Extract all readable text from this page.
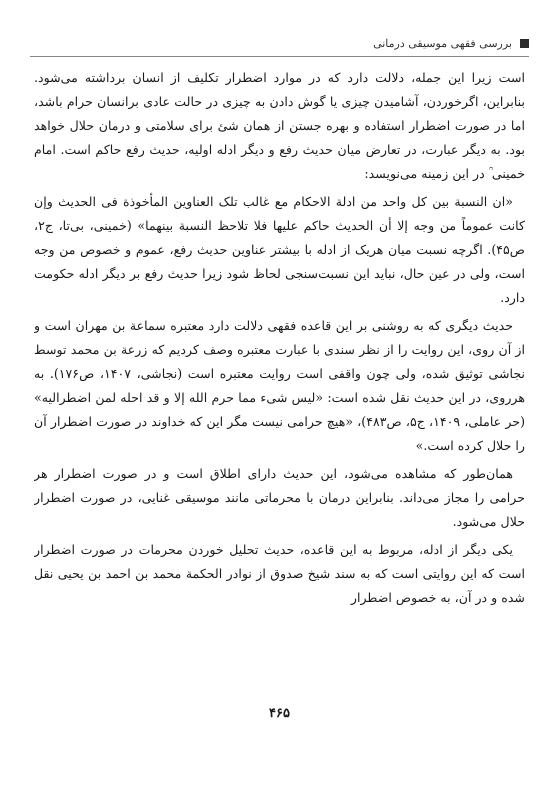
بررسی فقهی موسیقی درمانی

است زیرا این جمله، دلالت دارد که در موارد اضطرار تکلیف از انسان برداشته می‌شود. بنابراین، اگرخوردن، آشامیدن چیزی یا گوش دادن به چیزی در حالت عادی برانسان حرام باشد، اما در صورت اضطرار استفاده و بهره جستن از همان شئ برای سلامتی و درمان حلال خواهد بود. به دیگر عبارت، در تعارض میان حدیث رفع و دیگر ادله اولیه، حدیث رفع حاکم است. امام خمینی ؒ در این زمینه می‌نویسد:

«ان النسبة بین کل واحد من ادلة الاحکام مع غالب تلک العناوین المأخوذة فی الحدیث وإن کانت عموماً من وجه إلا أن الحدیث حاکم علیها فلا تلاحظ النسبة بینهما» (خمینی، بی‌تا، ج۲، ص۴۵). اگرچه نسبت میان هریک از ادله با بیشتر عناوین حدیث رفع، عموم و خصوص من وجه است، ولی در عین حال، نباید این نسبت‌سنجی لحاظ شود زیرا حدیث رفع بر دیگر ادله حکومت دارد.

حدیث دیگری که به روشنی بر این قاعده فقهی دلالت دارد معتبره سماعة بن مهران است و از آن روی، این روایت را از نظر سندی با عبارت معتبره وصف کردیم که زرعة بن محمد توسط نجاشی توثیق شده، ولی چون واقفی است روایت معتبره است (نجاشی، ۱۴۰۷، ص۱۷۶). به هرروی، در این حدیث نقل شده است: «لیس شیء مما حرم الله إلا و قد احله لمن اضطرالیه» (حر عاملی، ۱۴۰۹، ج۵، ص۴۸۳)، «هیچ حرامی نیست مگر این که خداوند در صورت اضطرار آن را حلال کرده است.»

همان‌طور که مشاهده می‌شود، این حدیث دارای اطلاق است و در صورت اضطرار هر حرامی را مجاز می‌داند. بنابراین درمان با محرماتی مانند موسیقی غنایی، در صورت اضطرار حلال می‌شود.

یکی دیگر از ادله، مربوط به این قاعده، حدیث تحلیل خوردن محرمات در صورت اضطرار است که این روایتی است که به سند شیخ صدوق از نوادر الحکمة محمد بن احمد بن یحیی نقل شده و در آن، به خصوص اضطرار

۴۶۵
